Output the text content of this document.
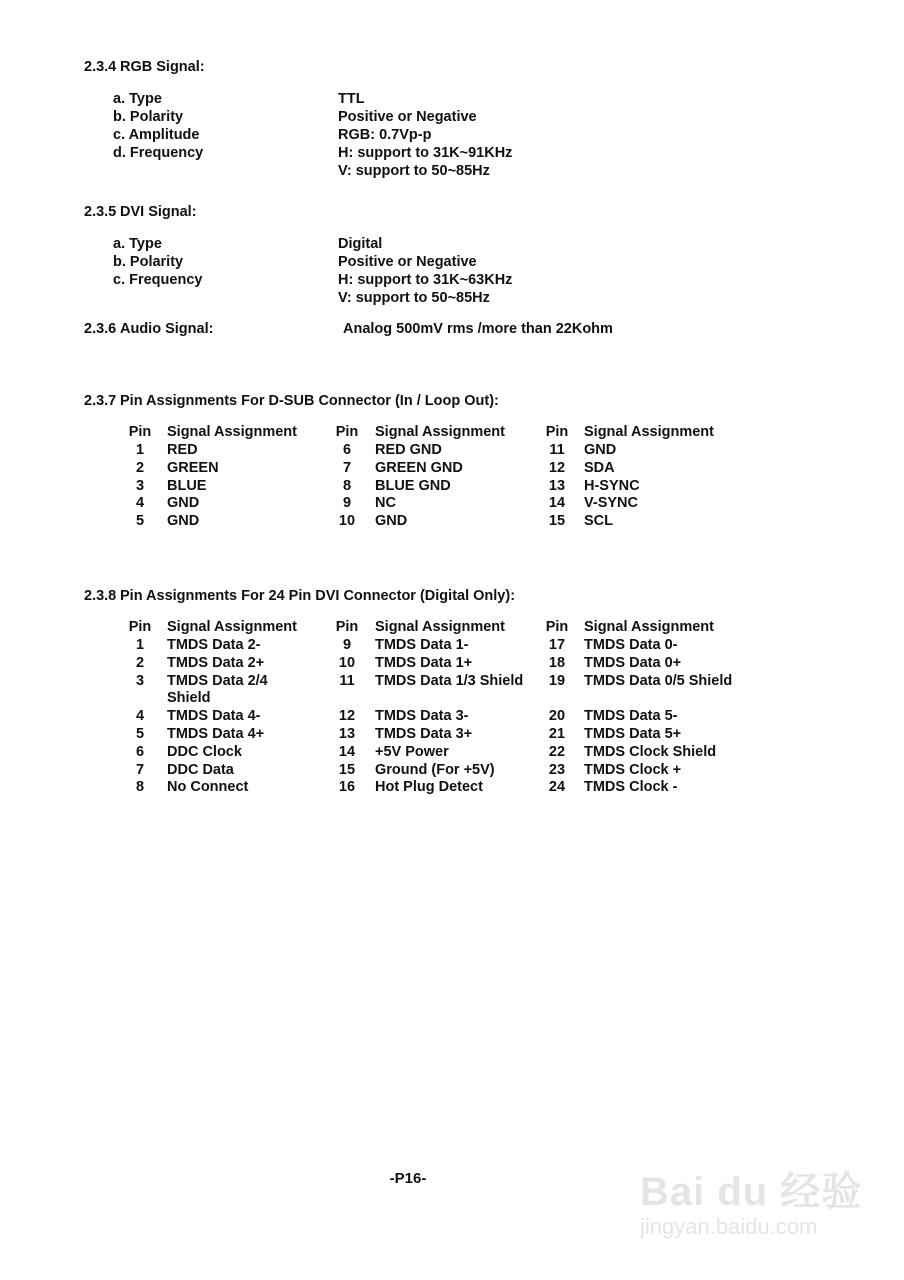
2.3.4 RGB Signal:
a. Type	TTL
b. Polarity	Positive or Negative
c. Amplitude	RGB: 0.7Vp-p
d. Frequency	H: support to 31K~91KHz
V: support to 50~85Hz
2.3.5 DVI Signal:
a. Type	Digital
b. Polarity	Positive or Negative
c. Frequency	H: support to 31K~63KHz
V: support to 50~85Hz
2.3.6 Audio Signal:	Analog 500mV rms /more than 22Kohm
2.3.7 Pin Assignments For D-SUB Connector (In / Loop Out):
Pin Signal Assignment	Pin Signal Assignment	Pin Signal Assignment
1	RED	6	RED GND	11	GND
2	GREEN	7	GREEN GND	12	SDA
3	BLUE	8	BLUE GND	13	H-SYNC
4	GND	9	NC	14	V-SYNC
5	GND	10	GND	15	SCL
2.3.8 Pin Assignments For 24 Pin DVI Connector (Digital Only):
Pin Signal Assignment	Pin Signal Assignment	Pin Signal Assignment
1	TMDS Data 2-	9	TMDS Data 1-	17	TMDS Data 0-
2	TMDS Data 2+	10	TMDS Data 1+	18	TMDS Data 0+
3	TMDS Data 2/4	11	TMDS Data 1/3 Shield	19	TMDS Data 0/5 Shield
Shield
4	TMDS Data 4-	12	TMDS Data 3-	20	TMDS Data 5-
5	TMDS Data 4+	13	TMDS Data 3+	21	TMDS Data 5+
6	DDC Clock	14	+5V Power	22	TMDS Clock Shield
7	DDC Data	15	Ground (For +5V)	23	TMDS Clock +
8	No Connect	16	Hot Plug Detect	24	TMDS Clock -
-P16-	Bai du 经验
jingyan.baidu.com
